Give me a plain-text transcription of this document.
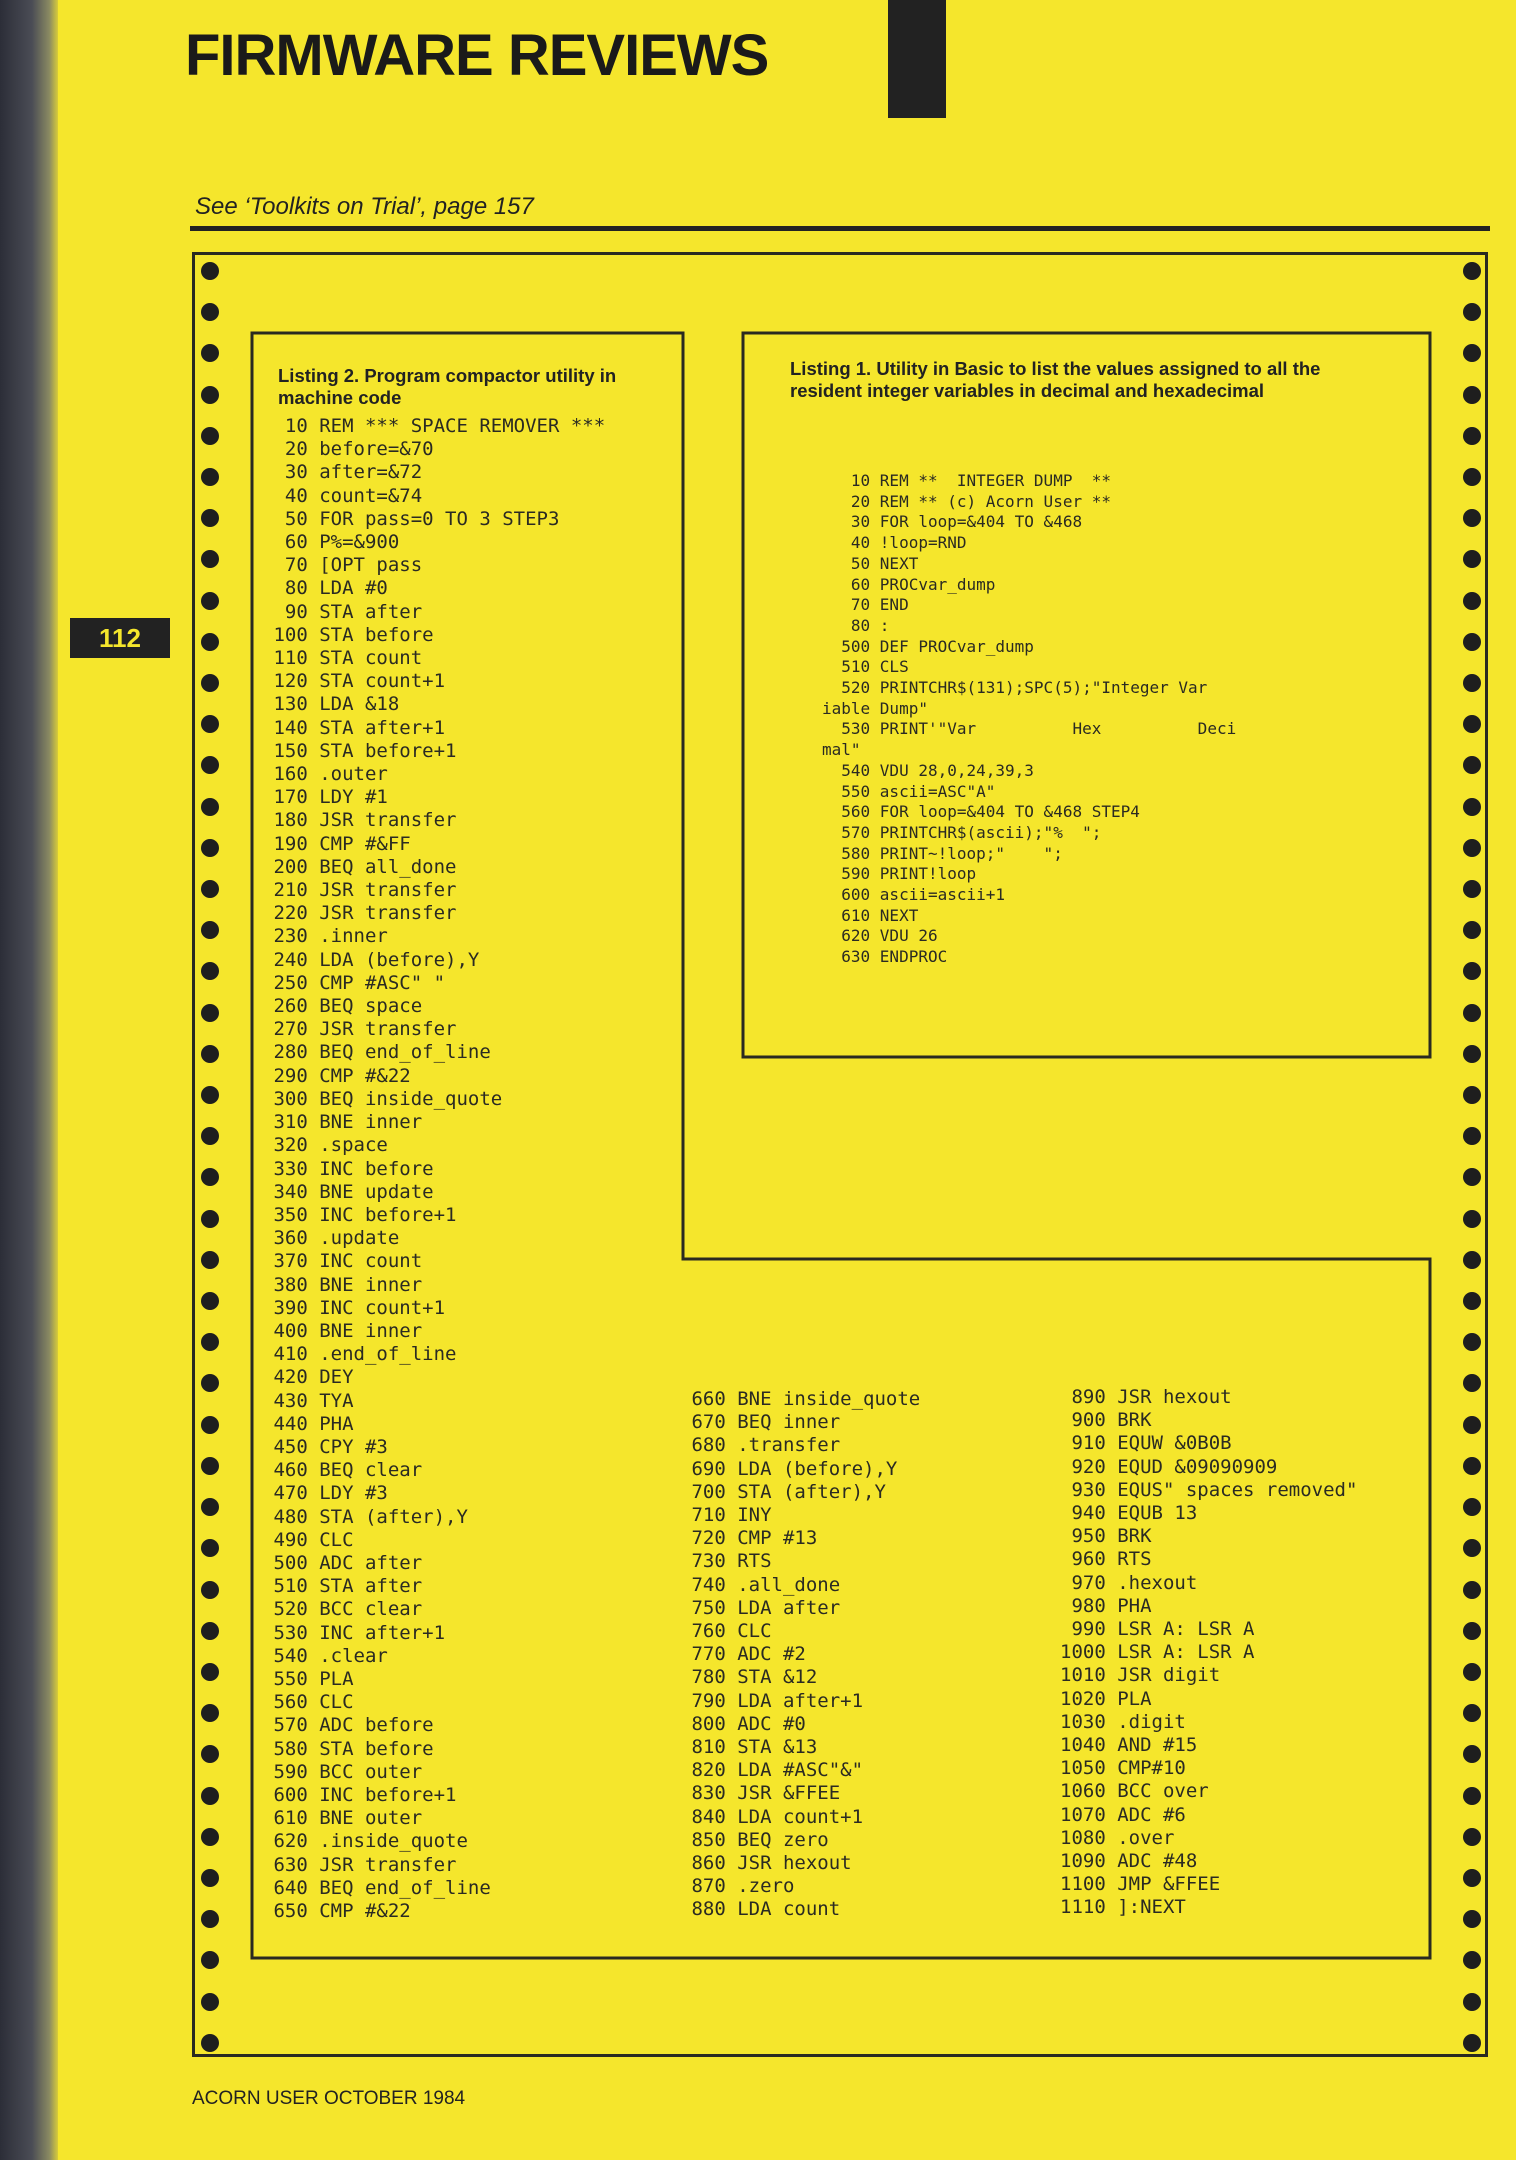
FIRMWARE REVIEWS
See ‘Toolkits on Trial’, page 157
112
Listing 2. Program compactor utility in machine code
Listing 1. Utility in Basic to list the values assigned to all the resident integer variables in decimal and hexadecimal
10 REM *** SPACE REMOVER ***
20 before=&70
30 after=&72
40 count=&74
50 FOR pass=0 TO 3 STEP3
60 P%=&900
70 [OPT pass
80 LDA #0
90 STA after
100 STA before
110 STA count
120 STA count+1
130 LDA &18
140 STA after+1
150 STA before+1
160 .outer
170 LDY #1
180 JSR transfer
190 CMP #&FF
200 BEQ all_done
210 JSR transfer
220 JSR transfer
230 .inner
240 LDA (before),Y
250 CMP #ASC" "
260 BEQ space
270 JSR transfer
280 BEQ end_of_line
290 CMP #&22
300 BEQ inside_quote
310 BNE inner
320 .space
330 INC before
340 BNE update
350 INC before+1
360 .update
370 INC count
380 BNE inner
390 INC count+1
400 BNE inner
410 .end_of_line
420 DEY
430 TYA
440 PHA
450 CPY #3
460 BEQ clear
470 LDY #3
480 STA (after),Y
490 CLC
500 ADC after
510 STA after
520 BCC clear
530 INC after+1
540 .clear
550 PLA
560 CLC
570 ADC before
580 STA before
590 BCC outer
600 INC before+1
610 BNE outer
620 .inside_quote
630 JSR transfer
640 BEQ end_of_line
650 CMP #&22
660 BNE inside_quote
670 BEQ inner
680 .transfer
690 LDA (before),Y
700 STA (after),Y
710 INY
720 CMP #13
730 RTS
740 .all_done
750 LDA after
760 CLC
770 ADC #2
780 STA &12
790 LDA after+1
800 ADC #0
810 STA &13
820 LDA #ASC"&"
830 JSR &FFEE
840 LDA count+1
850 BEQ zero
860 JSR hexout
870 .zero
880 LDA count
890 JSR hexout
900 BRK
910 EQUW &0B0B
920 EQUD &09090909
930 EQUS" spaces removed"
940 EQUB 13
950 BRK
960 RTS
970 .hexout
980 PHA
990 LSR A: LSR A
1000 LSR A: LSR A
1010 JSR digit
1020 PLA
1030 .digit
1040 AND #15
1050 CMP#10
1060 BCC over
1070 ADC #6
1080 .over
1090 ADC #48
1100 JMP &FFEE
1110 ]:NEXT
10 REM **  INTEGER DUMP  **
20 REM ** (c) Acorn User **
30 FOR loop=&404 TO &468
40 !loop=RND
50 NEXT
60 PROCvar_dump
70 END
80 :
500 DEF PROCvar_dump
510 CLS
520 PRINTCHR$(131);SPC(5);"Integer Var
iable Dump"
530 PRINT'"Var          Hex          Deci
mal"
540 VDU 28,0,24,39,3
550 ascii=ASC"A"
560 FOR loop=&404 TO &468 STEP4
570 PRINTCHR$(ascii);"%  ";
580 PRINT~!loop;"    ";
590 PRINT!loop
600 ascii=ascii+1
610 NEXT
620 VDU 26
630 ENDPROC
ACORN USER OCTOBER 1984
